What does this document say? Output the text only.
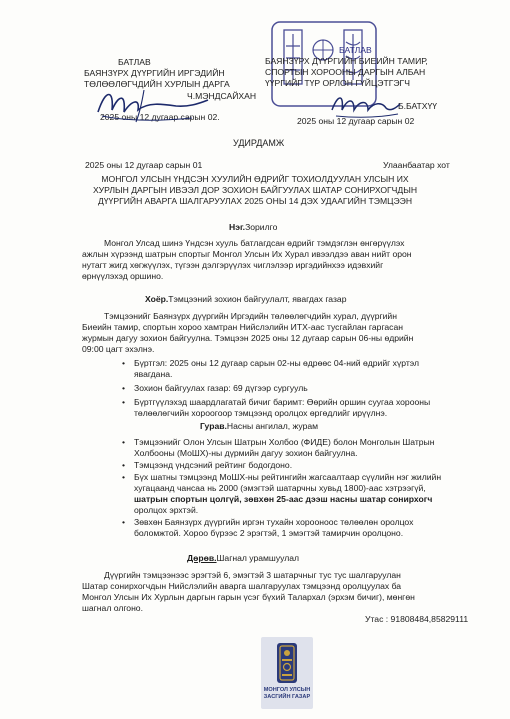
БАТЛАВ
БАЯНЗҮРХ ДҮҮРГИЙН ИРГЭДИЙН
ТӨЛӨӨЛӨГЧДИЙН ХУРЛЫН ДАРГА
Ч.МЭНДСАЙХАН
2025 оны 12 дугаар сарын 02.
БАТЛАВ
БАЯНЗҮРХ ДҮҮРГИЙН БИЕИЙН ТАМИР,
СПОРТЫН ХОРООНЫ ДАРГЫН АЛБАН
ҮҮРГИЙГ ТҮР ОРЛОН ГҮЙЦЭТГЭГЧ
Б.БАТХҮҮ
2025 оны 12 дугаар сарын 02
УДИРДАМЖ
2025 оны 12 дугаар сарын 01	Улаанбаатар хот
МОНГОЛ УЛСЫН ҮНДСЭН ХУУЛИЙН ӨДРИЙГ ТОХИОЛДУУЛАН УЛСЫН ИХ
ХУРЛЫН ДАРГЫН ИВЭЭЛ ДОР ЗОХИОН БАЙГУУЛАХ ШАТАР СОНИРХОГЧДЫН
ДҮҮРГИЙН АВАРГА ШАЛГАРУУЛАХ 2025 ОНЫ 14 ДЭХ УДААГИЙН ТЭМЦЭЭН
Нэг.Зорилго
Монгол Улсад шинэ Үндсэн хууль батлагдсан өдрийг тэмдэглэн өнгөрүүлэх
ажлын хүрээнд шатрын спортыг Монгол Улсын Их Хурал ивээлдээ аван нийт орон
нутагт жигд хөгжүүлэх, түгээн дэлгэрүүлэх чиглэлээр иргэдийнхээ идэвхийг
өрнүүлэхэд оршино.
Хоёр.Тэмцээний зохион байгуулалт, явагдах газар
Тэмцээнийг Баянзүрх дүүргийн Иргэдийн төлөөлөгчдийн хурал, дүүргийн
Биеийн тамир, спортын хороо хамтран Нийслэлийн ИТХ-аас тусгайлан гаргасан
журмын дагуу зохион байгуулна. Тэмцээн 2025 оны 12 дугаар сарын 06-ны өдрийн
09:00 цагт эхэлнэ.
• Бүртгэл: 2025 оны 12 дугаар сарын 02-ны өдрөөс 04-ний өдрийг хүртэл
явагдана.
• Зохион байгуулах газар: 69 дүгээр сургууль
• Бүртгүүлэхэд шаардлагатай бичиг баримт: Өөрийн оршин суугаа хорооны
төлөөлөгчийн хороогоор тэмцээнд оролцох өргөдлийг ирүүлнэ.
Гурав.Насны ангилал, журам
• Тэмцээнийг Олон Улсын Шатрын Холбоо (ФИДЕ) болон Монголын Шатрын
Холбооны (МоШХ)-ны дүрмийн дагуу зохион байгуулна.
• Тэмцээнд үндсэний рейтинг бодогдоно.
• Бүх шатны тэмцээнд МоШХ-ны рейтингийн жагсаалтаар сүүлийн нэг жилийн
хугацаанд чансаа нь 2000 (эмэгтэй шатарчны хувьд 1800)-аас хэтрээгүй,
шатрын спортын цолгүй, зөвхөн 25-аас дээш насны шатар сонирхогч
оролцох эрхтэй.
• Зөвхөн Баянзүрх дүүргийн иргэн тухайн хорооноос төлөөлөн оролцох
боломжтой. Хороо бүрээс 2 эрэгтэй, 1 эмэгтэй тамирчин оролцоно.
Дөрөв.Шагнал урамшуулал
Дүүргийн тэмцээнээс эрэгтэй 6, эмэгтэй 3 шатарчныг тус тус шалгаруулан
Шатар сонирхогчдын Нийслэлийн аварга шалгаруулах тэмцээнд оролцуулах ба
Монгол Улсын Их Хурлын даргын гарын үсэг бүхий Талархал (эрхэм бичиг), мөнгөн
шагнал олгоно.
Утас : 91808484,85829111
МОНГОЛ УЛСЫН
ЗАСГИЙН ГАЗАР
